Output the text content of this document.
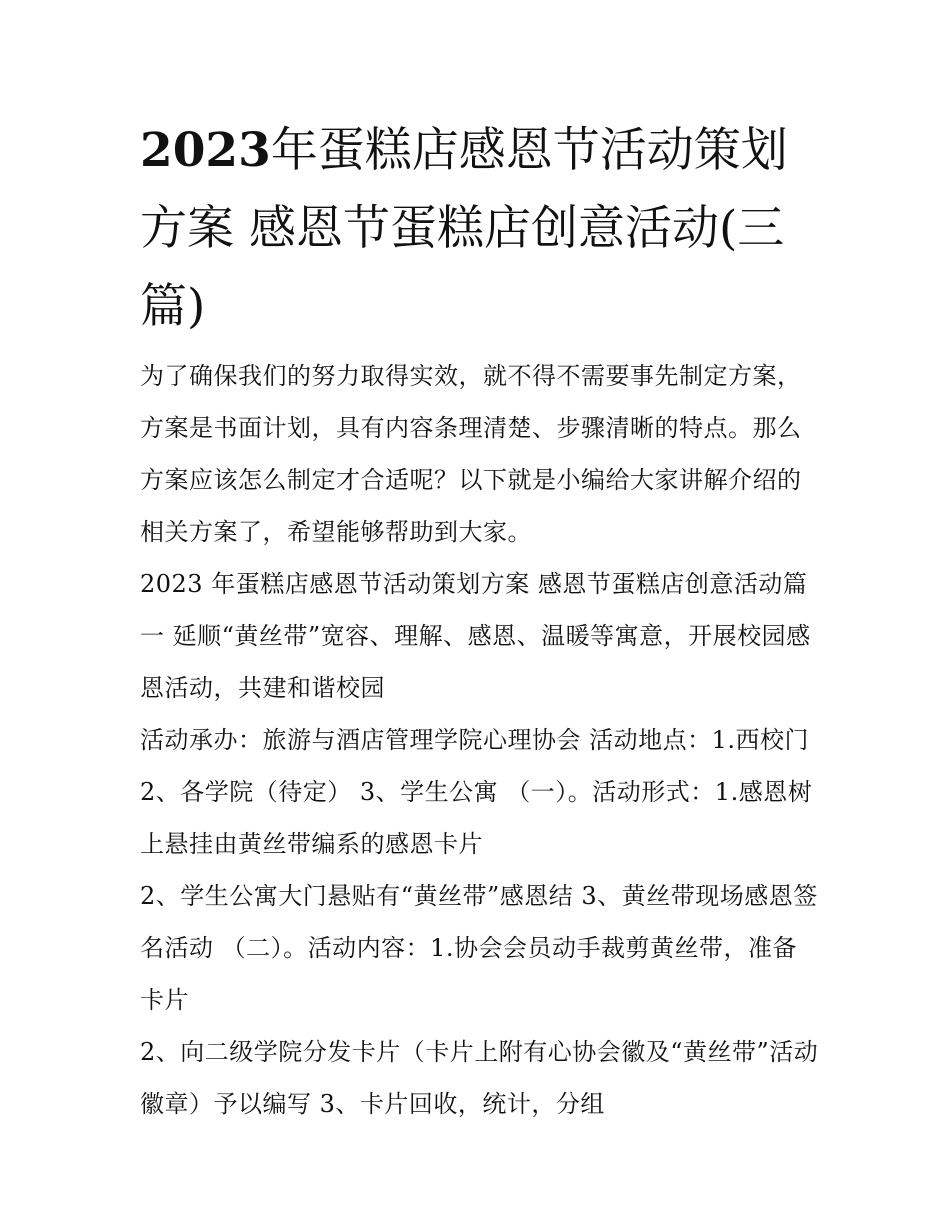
2023年蛋糕店感恩节活动策划方案 感恩节蛋糕店创意活动(三篇)

为了确保我们的努力取得实效，就不得不需要事先制定方案，方案是书面计划，具有内容条理清楚、步骤清晰的特点。那么方案应该怎么制定才合适呢？以下就是小编给大家讲解介绍的相关方案了，希望能够帮助到大家。

2023 年蛋糕店感恩节活动策划方案 感恩节蛋糕店创意活动篇一 延顺“黄丝带”宽容、理解、感恩、温暖等寓意，开展校园感恩活动，共建和谐校园

活动承办：旅游与酒店管理学院心理协会 活动地点：1.西校门 2、各学院（待定） 3、学生公寓 （一）。活动形式：1.感恩树上悬挂由黄丝带编系的感恩卡片

2、学生公寓大门悬贴有“黄丝带”感恩结 3、黄丝带现场感恩签名活动 （二）。活动内容：1.协会会员动手裁剪黄丝带，准备卡片

2、向二级学院分发卡片（卡片上附有心协会徽及“黄丝带”活动徽章）予以编写 3、卡片回收，统计，分组
